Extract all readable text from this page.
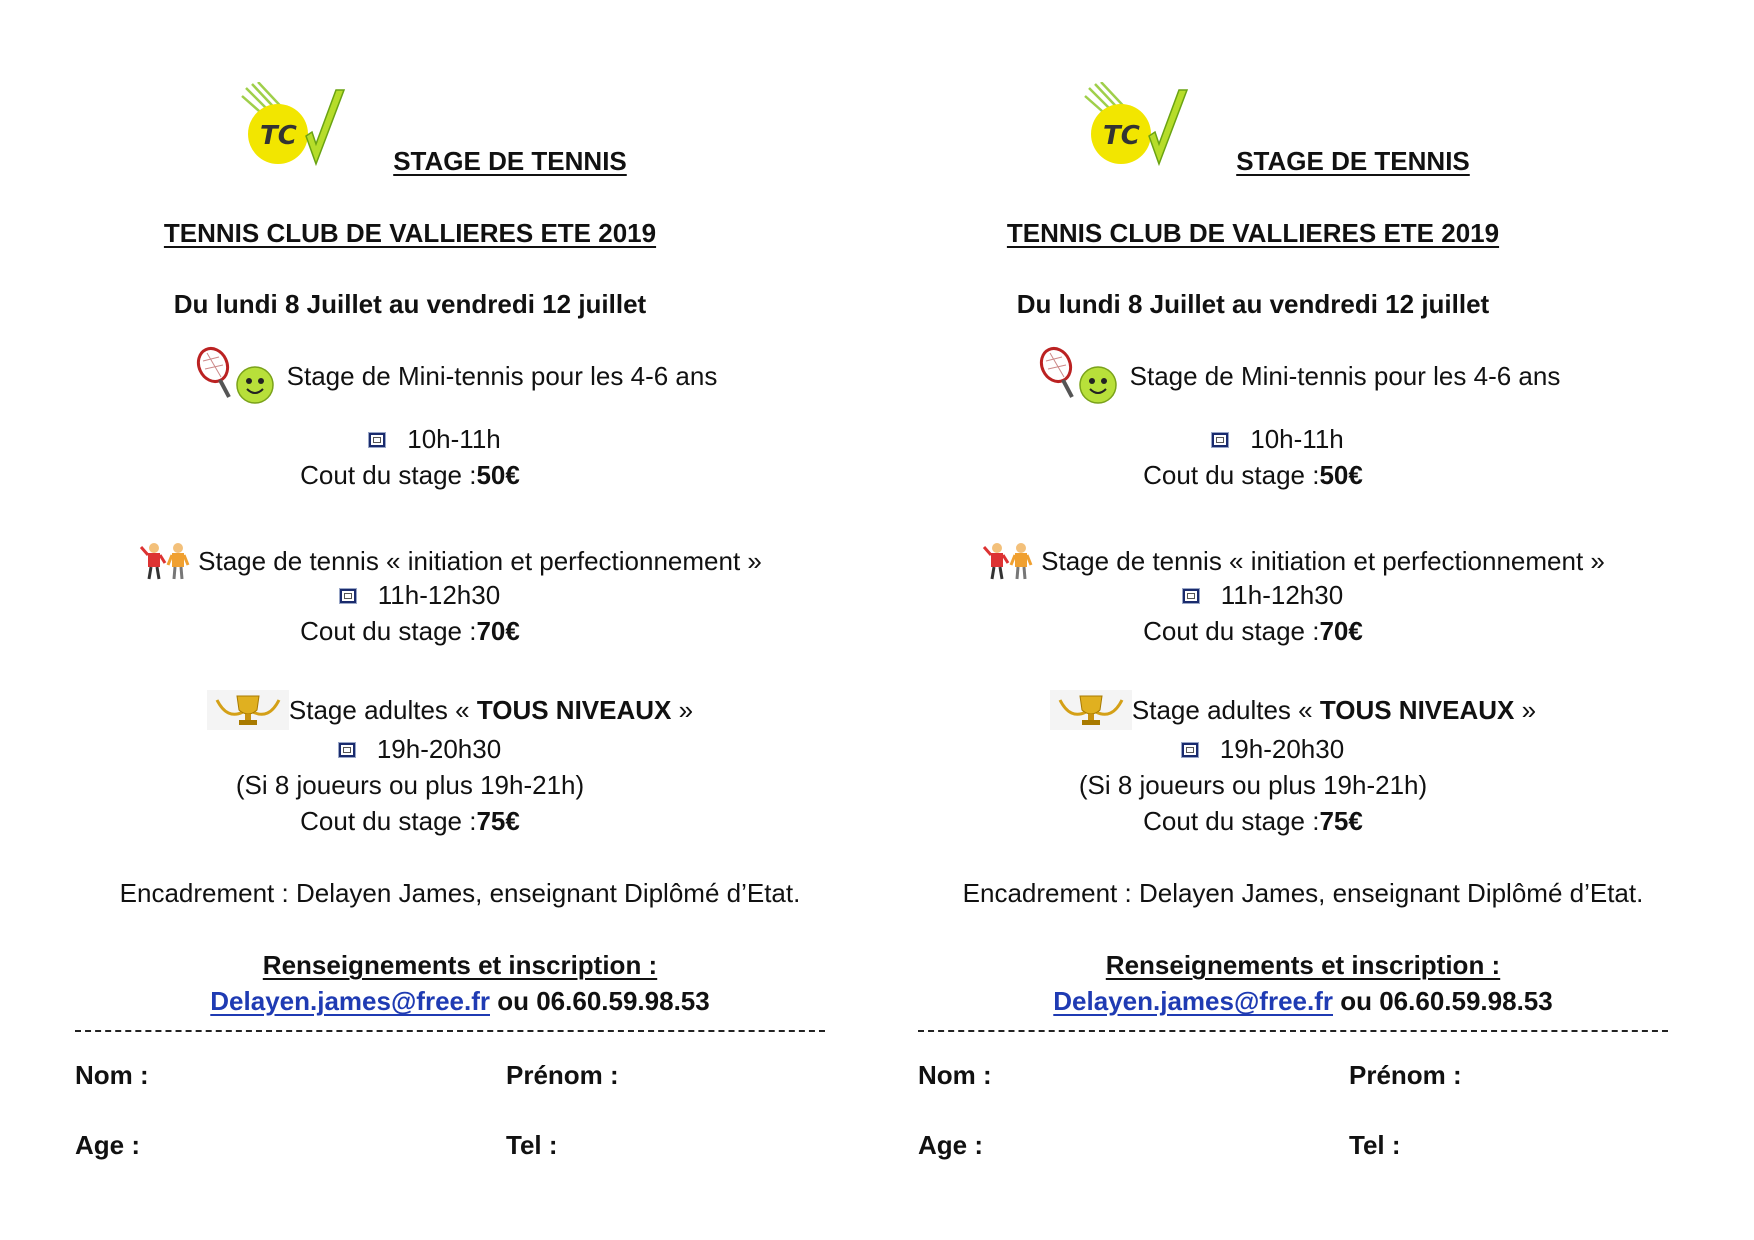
TC
STAGE DE TENNIS
TENNIS CLUB DE VALLIERES ETE 2019
Du lundi 8 Juillet au vendredi 12 juillet
Stage de Mini-tennis pour les 4-6 ans
10h-11h
Cout du stage : 50€
Stage de tennis « initiation et perfectionnement »
11h-12h30
Cout du stage : 70€
Stage adultes « TOUS NIVEAUX »
19h-20h30
(Si 8 joueurs ou plus 19h-21h)
Cout du stage : 75€
Encadrement : Delayen James, enseignant Diplômé d’Etat.
Renseignements et inscription :
Delayen.james@free.fr ou 06.60.59.98.53
Nom :	Prénom :
Age :	Tel :
TC
STAGE DE TENNIS
TENNIS CLUB DE VALLIERES ETE 2019
Du lundi 8 Juillet au vendredi 12 juillet
Stage de Mini-tennis pour les 4-6 ans
10h-11h
Cout du stage : 50€
Stage de tennis « initiation et perfectionnement »
11h-12h30
Cout du stage : 70€
Stage adultes « TOUS NIVEAUX »
19h-20h30
(Si 8 joueurs ou plus 19h-21h)
Cout du stage : 75€
Encadrement : Delayen James, enseignant Diplômé d’Etat.
Renseignements et inscription :
Delayen.james@free.fr ou 06.60.59.98.53
Nom :	Prénom :
Age :	Tel :
